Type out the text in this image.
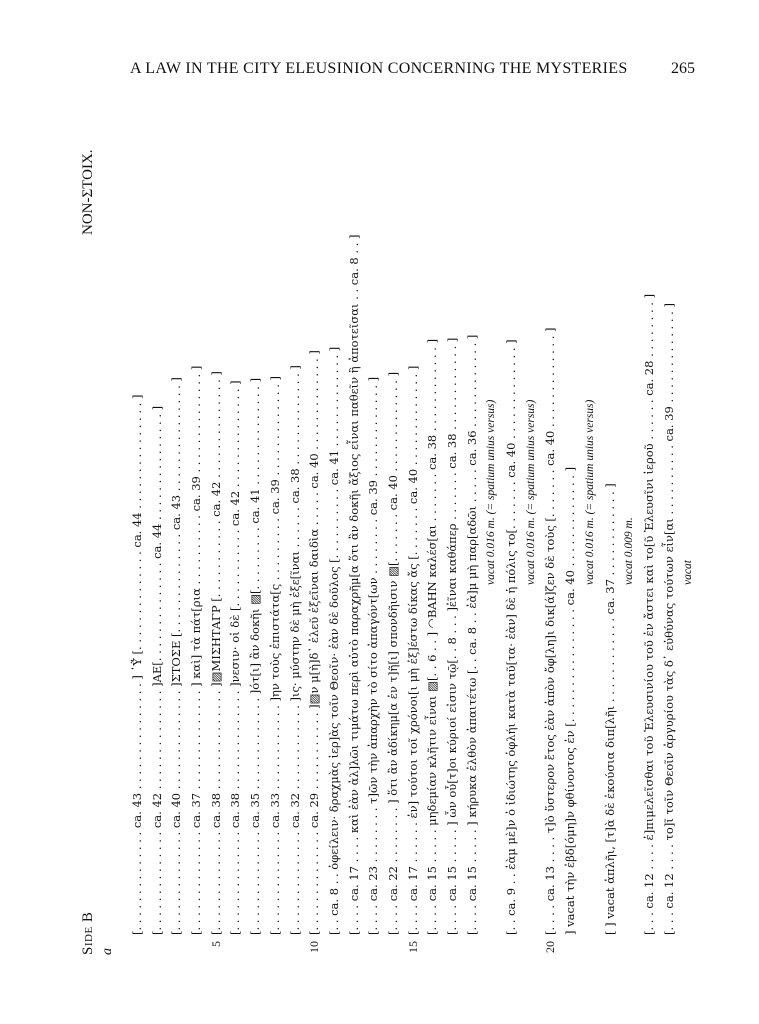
A LAW IN THE CITY ELEUSINION CONCERNING THE MYSTERIES	265
Side B a
NON-ΣΤΟΙΧ.
[. . . . . . . . . . . . . . ca. 43 . . . . . . . . . . . . . . . ] ᾽Ϋ̓ [. . . . . . . . . . . . . . ca. 44 . . . . . . . . . . . . . . . ] [. . . . . . . . . . . . . . ca. 42 . . . . . . . . . . . . . . ]ΑΕ[. . . . . . . . . . . . . . ca. 44 . . . . . . . . . . . . . . . ] [. . . . . . . . . . . . . . ca. 40 . . . . . . . . . . . . . . ]ΣΤΟΣΕ [. . . . . . . . . . . . . . ca. 43 . . . . . . . . . . . . . . . ] [. . . . . . . . . . . . . . ca. 37 . . . . . . . . . . . . . . ] καὶ] τὰ πάτ[ρια . . . . . . . . . . ca. 39 . . . . . . . . . . . . . . ]
5
[. . . . . . . . . . . . . . ca. 38 . . . . . . . . . . . . . . ]▨ΜΙΣΗΤΑΓΡ [. . . . . . . . . . . ca. 42 . . . . . . . . . . . . . . ] [. . . . . . . . . . . . . . ca. 38 . . . . . . . . . . . . . . ]νεσιν· οἱ δὲ [. . . . . . . . . . . ca. 42 . . . . . . . . . . . . . . ] [. . . . . . . . . . . . . . ca. 35 . . . . . . . . . . . . . ]ότ[ι] ἂν δοκῆι ▨[. . . . . . . . . ca. 41 . . . . . . . . . . . . . . ] [. . . . . . . . . . . . . . ca. 33 . . . . . . . . . . . . ]ην τοὺς ἐπιστάτα[ς . . . . . . . . . ca. 39 . . . . . . . . . . . . . ] [. . . . . . . . . . . . . . ca. 32 . . . . . . . . . . . . ]ις· μύστην δὲ μὴ ἐξε[ῖναι . . . . . . ca. 38 . . . . . . . . . . . . . ]
10
[. . . . . . . . . . . . . . ca. 29 . . . . . . . . . . . ]▨ν μ[ὴ]δ᾽ ἐλεῦ ἐξεῖναι δαιδὶα . . . . . ca. 40 . . . . . . . . . . . . . ] [. . ca. 8 . . ὀφείλειν· δραχμὰς ἱερ]ὰς τοῖν Θεοῖν· ἐὰν δὲ δοῦλος [. . . . . . . . . . ca. 41 . . . . . . . . . . . . . ] [. . . . ca. 17 . . . . καὶ ἐὰν ἀλ]λῶι τιμάτω περὶ αὐτὸ παραχρῆμ[α ὅτι ἂν δοκῆι ἄξιος εἶναι παθεῖν ἢ ἀποτεῖσαι . . ca. 8 . . ] [. . . . ca. 23 . . . . . . . . τ]ῶν τὴν ἀπαρχὴν τὸ σίτο ἀπαγόντ[ων . . . . . . . . ca. 39 . . . . . . . . . . . . . ] [. . . . ca. 22 . . . . . . . . ] ὅτι ἂν ἀδίκημ[α ἐν τ]ῆ[ι] σπονδῆισιν ▨[. . . . . . . ca. 40 . . . . . . . . . . . . . ]
15
[. . . . ca. 17 . . . . . . ἐν] τούτοι τοῖ χρόνοι[ι μὴ ἐξ]έστω δίκας ἄς [. . . . . . . ca. 40 . . . . . . . . . . . . . ] [. . . . ca. 15 . . . . . μηδεμίαν κλῆτιν εἶναι ▨[. . 6 . . ] ◠ΒΑΗΝ καλέσ[αι . . . . . . . ca. 38 . . . . . . . . . . . . ] [. . . . ca. 15 . . . . . ] ὧν οὖ[τ]οι κύριοί εἰσιν τῷ[. . 8 . . . ]ἐῖναι καθάπερ . . . . . . . ca. 38 . . . . . . . . . . . . ] [. . . . ca. 15 . . . . . ] κήρυκα ἐλθὸν ἀπαιτέτω [. . ca. 8 . . ἐὰ]μ μὴ παρ[αδῶι . . . . . ca. 36 . . . . . . . . . . . . ] vacat 0.016 m. (= spatium unius versus) [. . ca. 9 . . ἐὰμ μὲ]ν ὁ ἰδιώτης ὀφλήι κατὰ ταῦ[τα· ἐὰν] δὲ ἡ πόλις το[. . . . . . . ca. 40 . . . . . . . . . . . . . ] vacat 0.016 m. (= spatium unius versus)
20
[. . . . ca. 13 . . . . τ]ὸ ὕστερον ἔτος ἐὰν ἀπὸν ὄφ[λη]ι δικ[ά]ζεν δὲ τοὺς [. . . . . . . ca. 40 . . . . . . . . . . . . . ] ] vacat τὴν ἑβδ[όμη]ν φθίνοντος ἐν [. . . . . . . . . . . . . . . . ca. 40 . . . . . . . . . . . . . ] vacat 0.016 m. (= spatium unius versus) [ ] vacat ἁπλῆι, [τ]ὰ δὲ ἑκούσια διπ[λῆι . . . . . . . . . . . . ca. 37 . . . . . . . . . . . . ] vacat 0.009 m. [. . . ca. 12 . . . . ἐ]πιμελεῖσθαι τοῦ Ἐλευσινίου τοῦ ἐν ἄστει καὶ το[ῦ Ἐλευσῖνι ἱεροῦ . . . . . . ca. 28 . . . . . . . . ] [. . . ca. 12 . . . . το]ῖ τοῖν Θεοῖν ἀργυρίου τὰς δ᾽ εὐθύνας τούτων εἶν[αι . . . . . . . . . . ca. 39 . . . . . . . . . . . . . ] vacat
